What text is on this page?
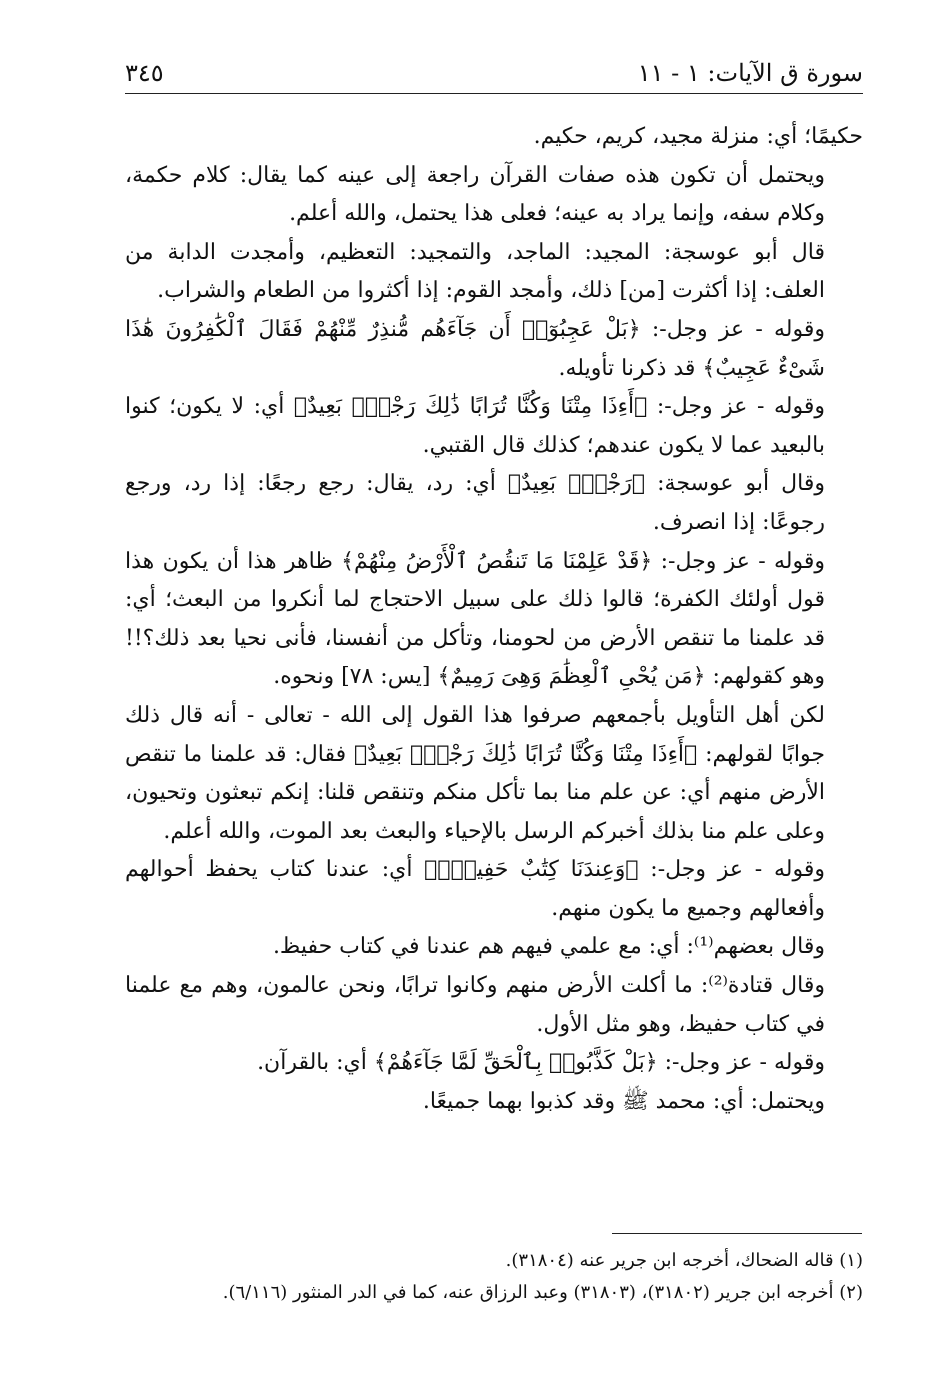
سورة ق الآيات: ١ - ١١
٣٤٥

حكيمًا؛ أي: منزلة مجيد، كريم، حكيم.

ويحتمل أن تكون هذه صفات القرآن راجعة إلى عينه كما يقال: كلام حكمة، وكلام سفه، وإنما يراد به عينه؛ فعلى هذا يحتمل، والله أعلم.

قال أبو عوسجة: المجيد: الماجد، والتمجيد: التعظيم، وأمجدت الدابة من العلف: إذا أكثرت [من] ذلك، وأمجد القوم: إذا أكثروا من الطعام والشراب.

وقوله - عز وجل-: ﴿بَلْ عَجِبُوٓا۟ أَن جَآءَهُم مُّنذِرٌ مِّنْهُمْ فَقَالَ ٱلْكَٰفِرُونَ هَٰذَا شَىْءٌ عَجِيبٌ﴾ قد ذكرنا تأويله.

وقوله - عز وجل-: ﴿أَءِذَا مِتْنَا وَكُنَّا تُرَابًا ذَٰلِكَ رَجْعٌۢ بَعِيدٌ﴾ أي: لا يكون؛ كنوا بالبعيد عما لا يكون عندهم؛ كذلك قال القتبي.

وقال أبو عوسجة: ﴿رَجْعٌۢ بَعِيدٌ﴾ أي: رد، يقال: رجع رجعًا: إذا رد، ورجع رجوعًا: إذا انصرف.

وقوله - عز وجل-: ﴿قَدْ عَلِمْنَا مَا تَنقُصُ ٱلْأَرْضُ مِنْهُمْ﴾ ظاهر هذا أن يكون هذا قول أولئك الكفرة؛ قالوا ذلك على سبيل الاحتجاج لما أنكروا من البعث؛ أي: قد علمنا ما تنقص الأرض من لحومنا، وتأكل من أنفسنا، فأنى نحيا بعد ذلك؟!! وهو كقولهم: ﴿مَن يُحْىِ ٱلْعِظَٰمَ وَهِىَ رَمِيمٌ﴾ [يس: ٧٨] ونحوه.

لكن أهل التأويل بأجمعهم صرفوا هذا القول إلى الله - تعالى - أنه قال ذلك جوابًا لقولهم: ﴿أَءِذَا مِتْنَا وَكُنَّا تُرَابًا ذَٰلِكَ رَجْعٌۢ بَعِيدٌ﴾ فقال: قد علمنا ما تنقص الأرض منهم أي: عن علم منا بما تأكل منكم وتنقص قلنا: إنكم تبعثون وتحيون، وعلى علم منا بذلك أخبركم الرسل بالإحياء والبعث بعد الموت، والله أعلم.

وقوله - عز وجل-: ﴿وَعِندَنَا كِتَٰبٌ حَفِيظٌۢ﴾ أي: عندنا كتاب يحفظ أحوالهم وأفعالهم وجميع ما يكون منهم.

وقال بعضهم⁽¹⁾: أي: مع علمي فيهم هم عندنا في كتاب حفيظ.

وقال قتادة⁽²⁾: ما أكلت الأرض منهم وكانوا ترابًا، ونحن عالمون، وهم مع علمنا في كتاب حفيظ، وهو مثل الأول.

وقوله - عز وجل-: ﴿بَلْ كَذَّبُوا۟ بِٱلْحَقِّ لَمَّا جَآءَهُمْ﴾ أي: بالقرآن.

ويحتمل: أي: محمد ﷺ وقد كذبوا بهما جميعًا.

(١) قاله الضحاك، أخرجه ابن جرير عنه (٣١٨٠٤).
(٢) أخرجه ابن جرير (٣١٨٠٢)، (٣١٨٠٣) وعبد الرزاق عنه، كما في الدر المنثور (٦/١١٦).
